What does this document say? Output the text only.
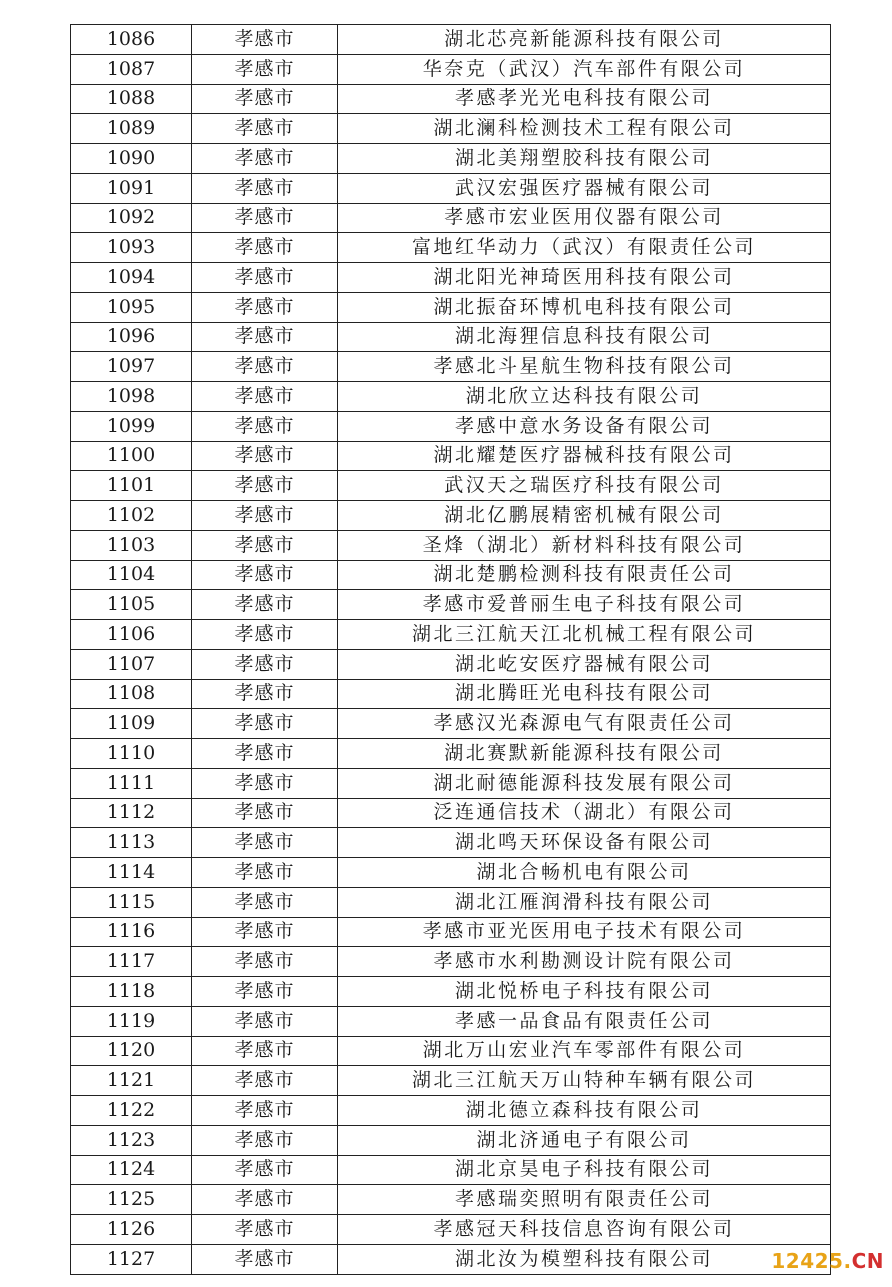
1086	孝感市	湖北芯亮新能源科技有限公司
1087	孝感市	华奈克（武汉）汽车部件有限公司
1088	孝感市	孝感孝光光电科技有限公司
1089	孝感市	湖北澜科检测技术工程有限公司
1090	孝感市	湖北美翔塑胶科技有限公司
1091	孝感市	武汉宏强医疗器械有限公司
1092	孝感市	孝感市宏业医用仪器有限公司
1093	孝感市	富地红华动力（武汉）有限责任公司
1094	孝感市	湖北阳光神琦医用科技有限公司
1095	孝感市	湖北振奋环博机电科技有限公司
1096	孝感市	湖北海狸信息科技有限公司
1097	孝感市	孝感北斗星航生物科技有限公司
1098	孝感市	湖北欣立达科技有限公司
1099	孝感市	孝感中意水务设备有限公司
1100	孝感市	湖北耀楚医疗器械科技有限公司
1101	孝感市	武汉天之瑞医疗科技有限公司
1102	孝感市	湖北亿鹏展精密机械有限公司
1103	孝感市	圣烽（湖北）新材料科技有限公司
1104	孝感市	湖北楚鹏检测科技有限责任公司
1105	孝感市	孝感市爱普丽生电子科技有限公司
1106	孝感市	湖北三江航天江北机械工程有限公司
1107	孝感市	湖北屹安医疗器械有限公司
1108	孝感市	湖北腾旺光电科技有限公司
1109	孝感市	孝感汉光森源电气有限责任公司
1110	孝感市	湖北赛默新能源科技有限公司
1111	孝感市	湖北耐德能源科技发展有限公司
1112	孝感市	泛连通信技术（湖北）有限公司
1113	孝感市	湖北鸣天环保设备有限公司
1114	孝感市	湖北合畅机电有限公司
1115	孝感市	湖北江雁润滑科技有限公司
1116	孝感市	孝感市亚光医用电子技术有限公司
1117	孝感市	孝感市水利勘测设计院有限公司
1118	孝感市	湖北悦桥电子科技有限公司
1119	孝感市	孝感一品食品有限责任公司
1120	孝感市	湖北万山宏业汽车零部件有限公司
1121	孝感市	湖北三江航天万山特种车辆有限公司
1122	孝感市	湖北德立森科技有限公司
1123	孝感市	湖北济通电子有限公司
1124	孝感市	湖北京昊电子科技有限公司
1125	孝感市	孝感瑞奕照明有限责任公司
1126	孝感市	孝感冠天科技信息咨询有限公司
1127	孝感市	湖北汝为模塑科技有限公司	12425.CN
